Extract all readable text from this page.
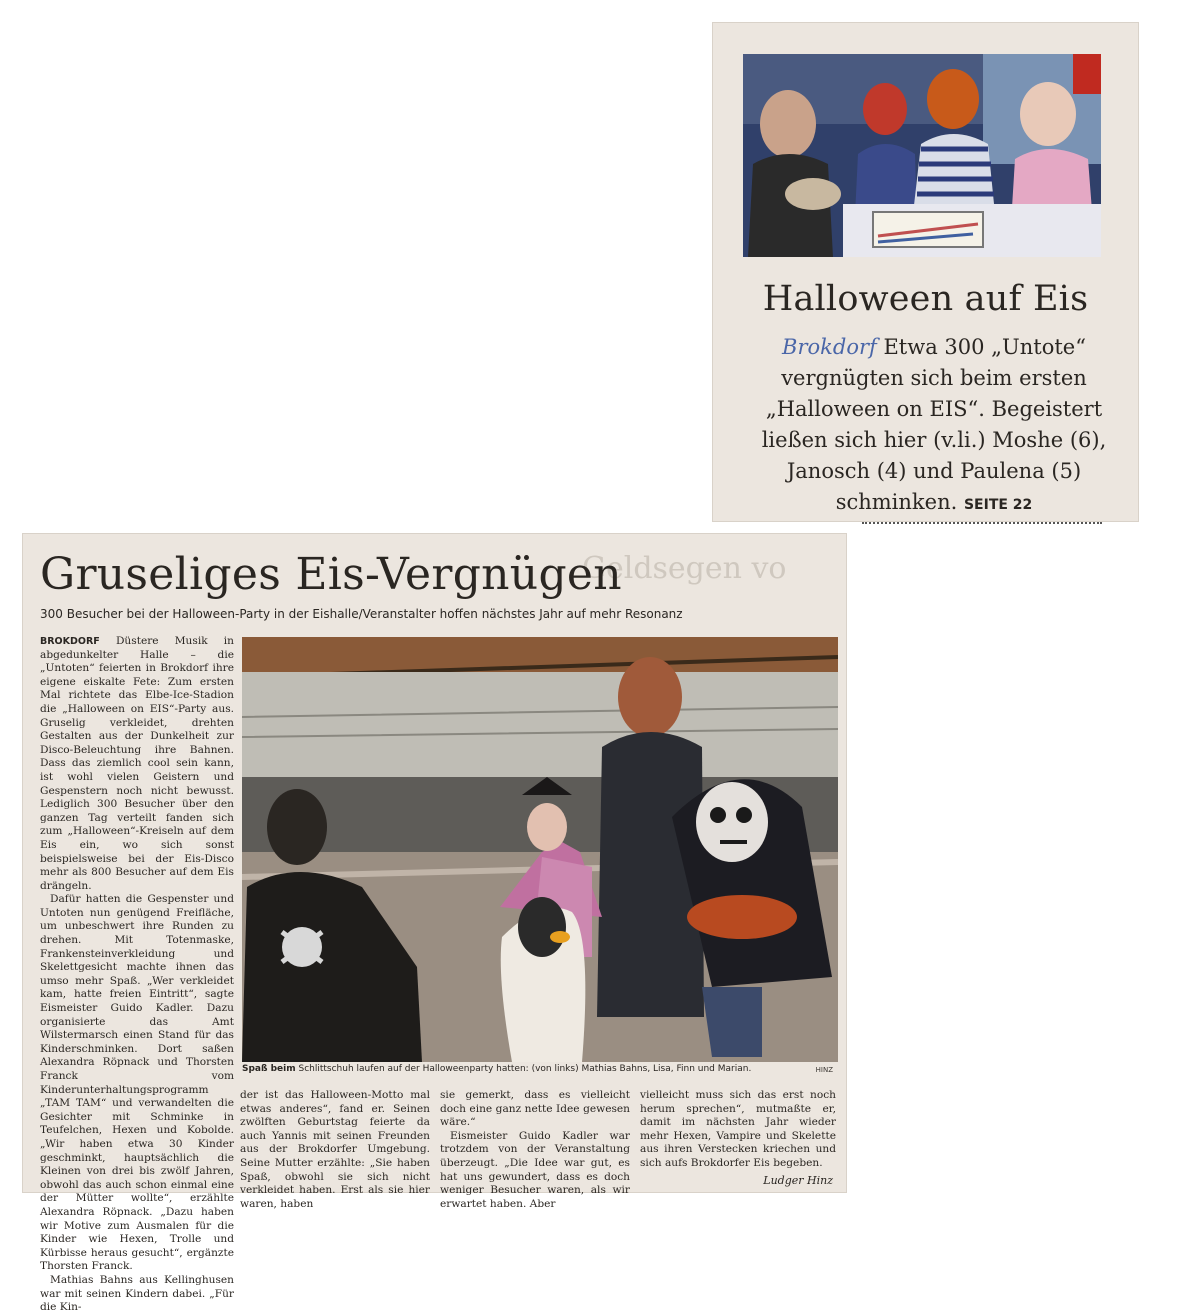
Halloween auf Eis
Brokdorf Etwa 300 „Untote“ vergnügten sich beim ersten „Halloween on EIS“. Begeistert ließen sich hier (v.li.) Moshe (6), Janosch (4) und Paulena (5) schminken. SEITE 22
Geldsegen vo
Gruseliges Eis-Vergnügen
300 Besucher bei der Halloween-Party in der Eishalle/Veranstalter hoffen nächstes Jahr auf mehr Resonanz

BROKDORF Düstere Musik in abgedunkelter Halle – die „Untoten“ feierten in Brokdorf ihre eigene eiskalte Fete: Zum ersten Mal richtete das Elbe-Ice-Stadion die „Halloween on EIS“-Party aus. Gruselig verkleidet, drehten Gestalten aus der Dunkelheit zur Disco-Beleuchtung ihre Bahnen. Dass das ziemlich cool sein kann, ist wohl vielen Geistern und Gespenstern noch nicht bewusst. Lediglich 300 Besucher über den ganzen Tag verteilt fanden sich zum „Halloween“-Kreiseln auf dem Eis ein, wo sich sonst beispielsweise bei der Eis-Disco mehr als 800 Besucher auf dem Eis drängeln.

Dafür hatten die Gespenster und Untoten nun genügend Freifläche, um unbeschwert ihre Runden zu drehen. Mit Totenmaske, Frankensteinverkleidung und Skelettgesicht machte ihnen das umso mehr Spaß. „Wer verkleidet kam, hatte freien Eintritt“, sagte Eismeister Guido Kadler. Dazu organisierte das Amt Wilstermarsch einen Stand für das Kinderschminken. Dort saßen Alexandra Röpnack und Thorsten Franck vom Kinderunterhaltungsprogramm „TAM TAM“ und verwandelten die Gesichter mit Schminke in Teufelchen, Hexen und Kobolde. „Wir haben etwa 30 Kinder geschminkt, hauptsächlich die Kleinen von drei bis zwölf Jahren, obwohl das auch schon einmal eine der Mütter wollte“, erzählte Alexandra Röpnack. „Dazu haben wir Motive zum Ausmalen für die Kinder wie Hexen, Trolle und Kürbisse heraus gesucht“, ergänzte Thorsten Franck.

Mathias Bahns aus Kellinghusen war mit seinen Kindern dabei. „Für die Kin-

Spaß beim Schlittschuh laufen auf der Halloweenparty hatten: (von links) Mathias Bahns, Lisa, Finn und Marian.	HINZ

der ist das Halloween-Motto mal etwas anderes“, fand er. Seinen zwölften Geburtstag feierte da auch Yannis mit seinen Freunden aus der Brokdorfer Umgebung. Seine Mutter erzählte: „Sie haben Spaß, obwohl sie sich nicht verkleidet haben. Erst als sie hier waren, haben

sie gemerkt, dass es vielleicht doch eine ganz nette Idee gewesen wäre.“

Eismeister Guido Kadler war trotzdem von der Veranstaltung überzeugt. „Die Idee war gut, es hat uns gewundert, dass es doch weniger Besucher waren, als wir erwartet haben. Aber

vielleicht muss sich das erst noch herum sprechen“, mutmaßte er, damit im nächsten Jahr wieder mehr Hexen, Vampire und Skelette aus ihren Verstecken kriechen und sich aufs Brokdorfer Eis begeben.

Ludger Hinz
